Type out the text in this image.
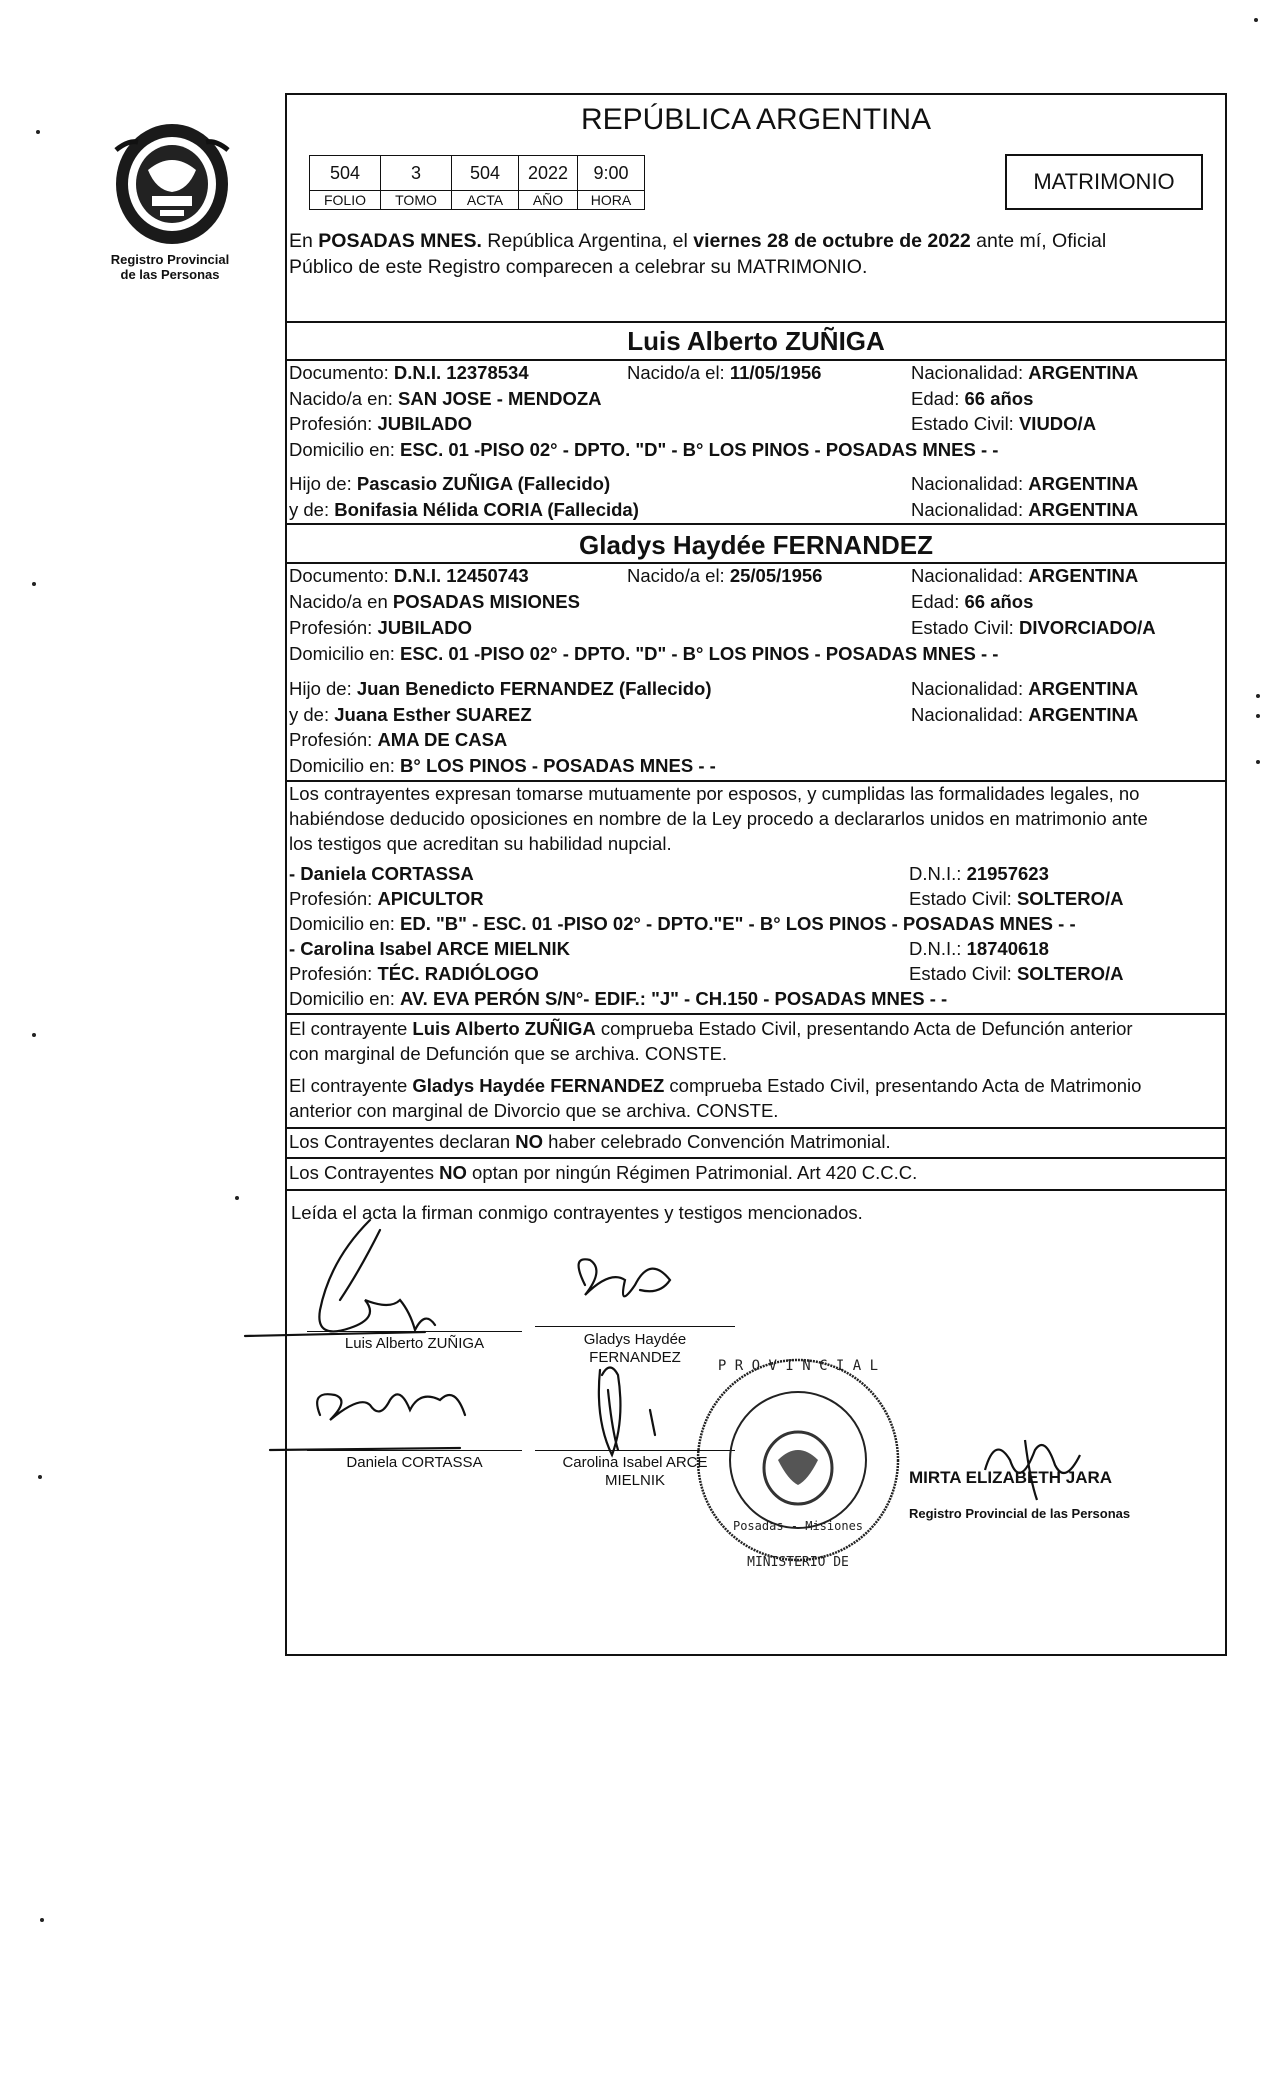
Registro Provincial
de las Personas
REPÚBLICA ARGENTINA
504	3	504	2022	9:00
FOLIO	TOMO	ACTA	AÑO	HORA
MATRIMONIO
En POSADAS MNES. República Argentina, el viernes 28 de octubre de 2022 ante mí, Oficial
Público de este Registro comparecen a celebrar su MATRIMONIO.
Luis Alberto ZUÑIGA
Documento: D.N.I. 12378534	Nacido/a el: 11/05/1956	Nacionalidad: ARGENTINA
Nacido/a en: SAN JOSE - MENDOZA	Edad: 66 años
Profesión: JUBILADO	Estado Civil: VIUDO/A
Domicilio en: ESC. 01 -PISO 02° - DPTO. "D" - B° LOS PINOS - POSADAS MNES - -
Hijo de: Pascasio ZUÑIGA (Fallecido)	Nacionalidad: ARGENTINA
y de: Bonifasia Nélida CORIA (Fallecida)	Nacionalidad: ARGENTINA
Gladys Haydée FERNANDEZ
Documento: D.N.I. 12450743	Nacido/a el: 25/05/1956	Nacionalidad: ARGENTINA
Nacido/a en POSADAS MISIONES	Edad: 66 años
Profesión: JUBILADO	Estado Civil: DIVORCIADO/A
Domicilio en: ESC. 01 -PISO 02° - DPTO. "D" - B° LOS PINOS - POSADAS MNES - -
Hijo de: Juan Benedicto FERNANDEZ (Fallecido)	Nacionalidad: ARGENTINA
y de: Juana Esther SUAREZ	Nacionalidad: ARGENTINA
Profesión: AMA DE CASA
Domicilio en: B° LOS PINOS - POSADAS MNES - -
Los contrayentes expresan tomarse mutuamente por esposos, y cumplidas las formalidades legales, no
habiéndose deducido oposiciones en nombre de la Ley procedo a declararlos unidos en matrimonio ante
los testigos que acreditan su habilidad nupcial.
- Daniela CORTASSA	D.N.I.: 21957623
Profesión: APICULTOR	Estado Civil: SOLTERO/A
Domicilio en: ED. "B" - ESC. 01 -PISO 02° - DPTO."E" - B° LOS PINOS - POSADAS MNES - -
- Carolina Isabel ARCE MIELNIK	D.N.I.: 18740618
Profesión: TÉC. RADIÓLOGO	Estado Civil: SOLTERO/A
Domicilio en: AV. EVA PERÓN S/N°- EDIF.: "J" - CH.150 - POSADAS MNES - -
El contrayente Luis Alberto ZUÑIGA comprueba Estado Civil, presentando Acta de Defunción anterior
con marginal de Defunción que se archiva. CONSTE.
El contrayente Gladys Haydée FERNANDEZ comprueba Estado Civil, presentando Acta de Matrimonio
anterior con marginal de Divorcio que se archiva. CONSTE.
Los Contrayentes declaran NO haber celebrado Convención Matrimonial.
Los Contrayentes NO optan por ningún Régimen Patrimonial. Art 420 C.C.C.
Leída el acta la firman conmigo contrayentes y testigos mencionados.
Luis Alberto ZUÑIGA	Gladys Haydée
FERNANDEZ
Daniela CORTASSA	Carolina Isabel ARCE
MIELNIK	MIRTA ELIZABETH JARA
Registro Provincial de las Personas
P R O V I N C I A L
MINISTERIO DE
Posadas - Misiones
